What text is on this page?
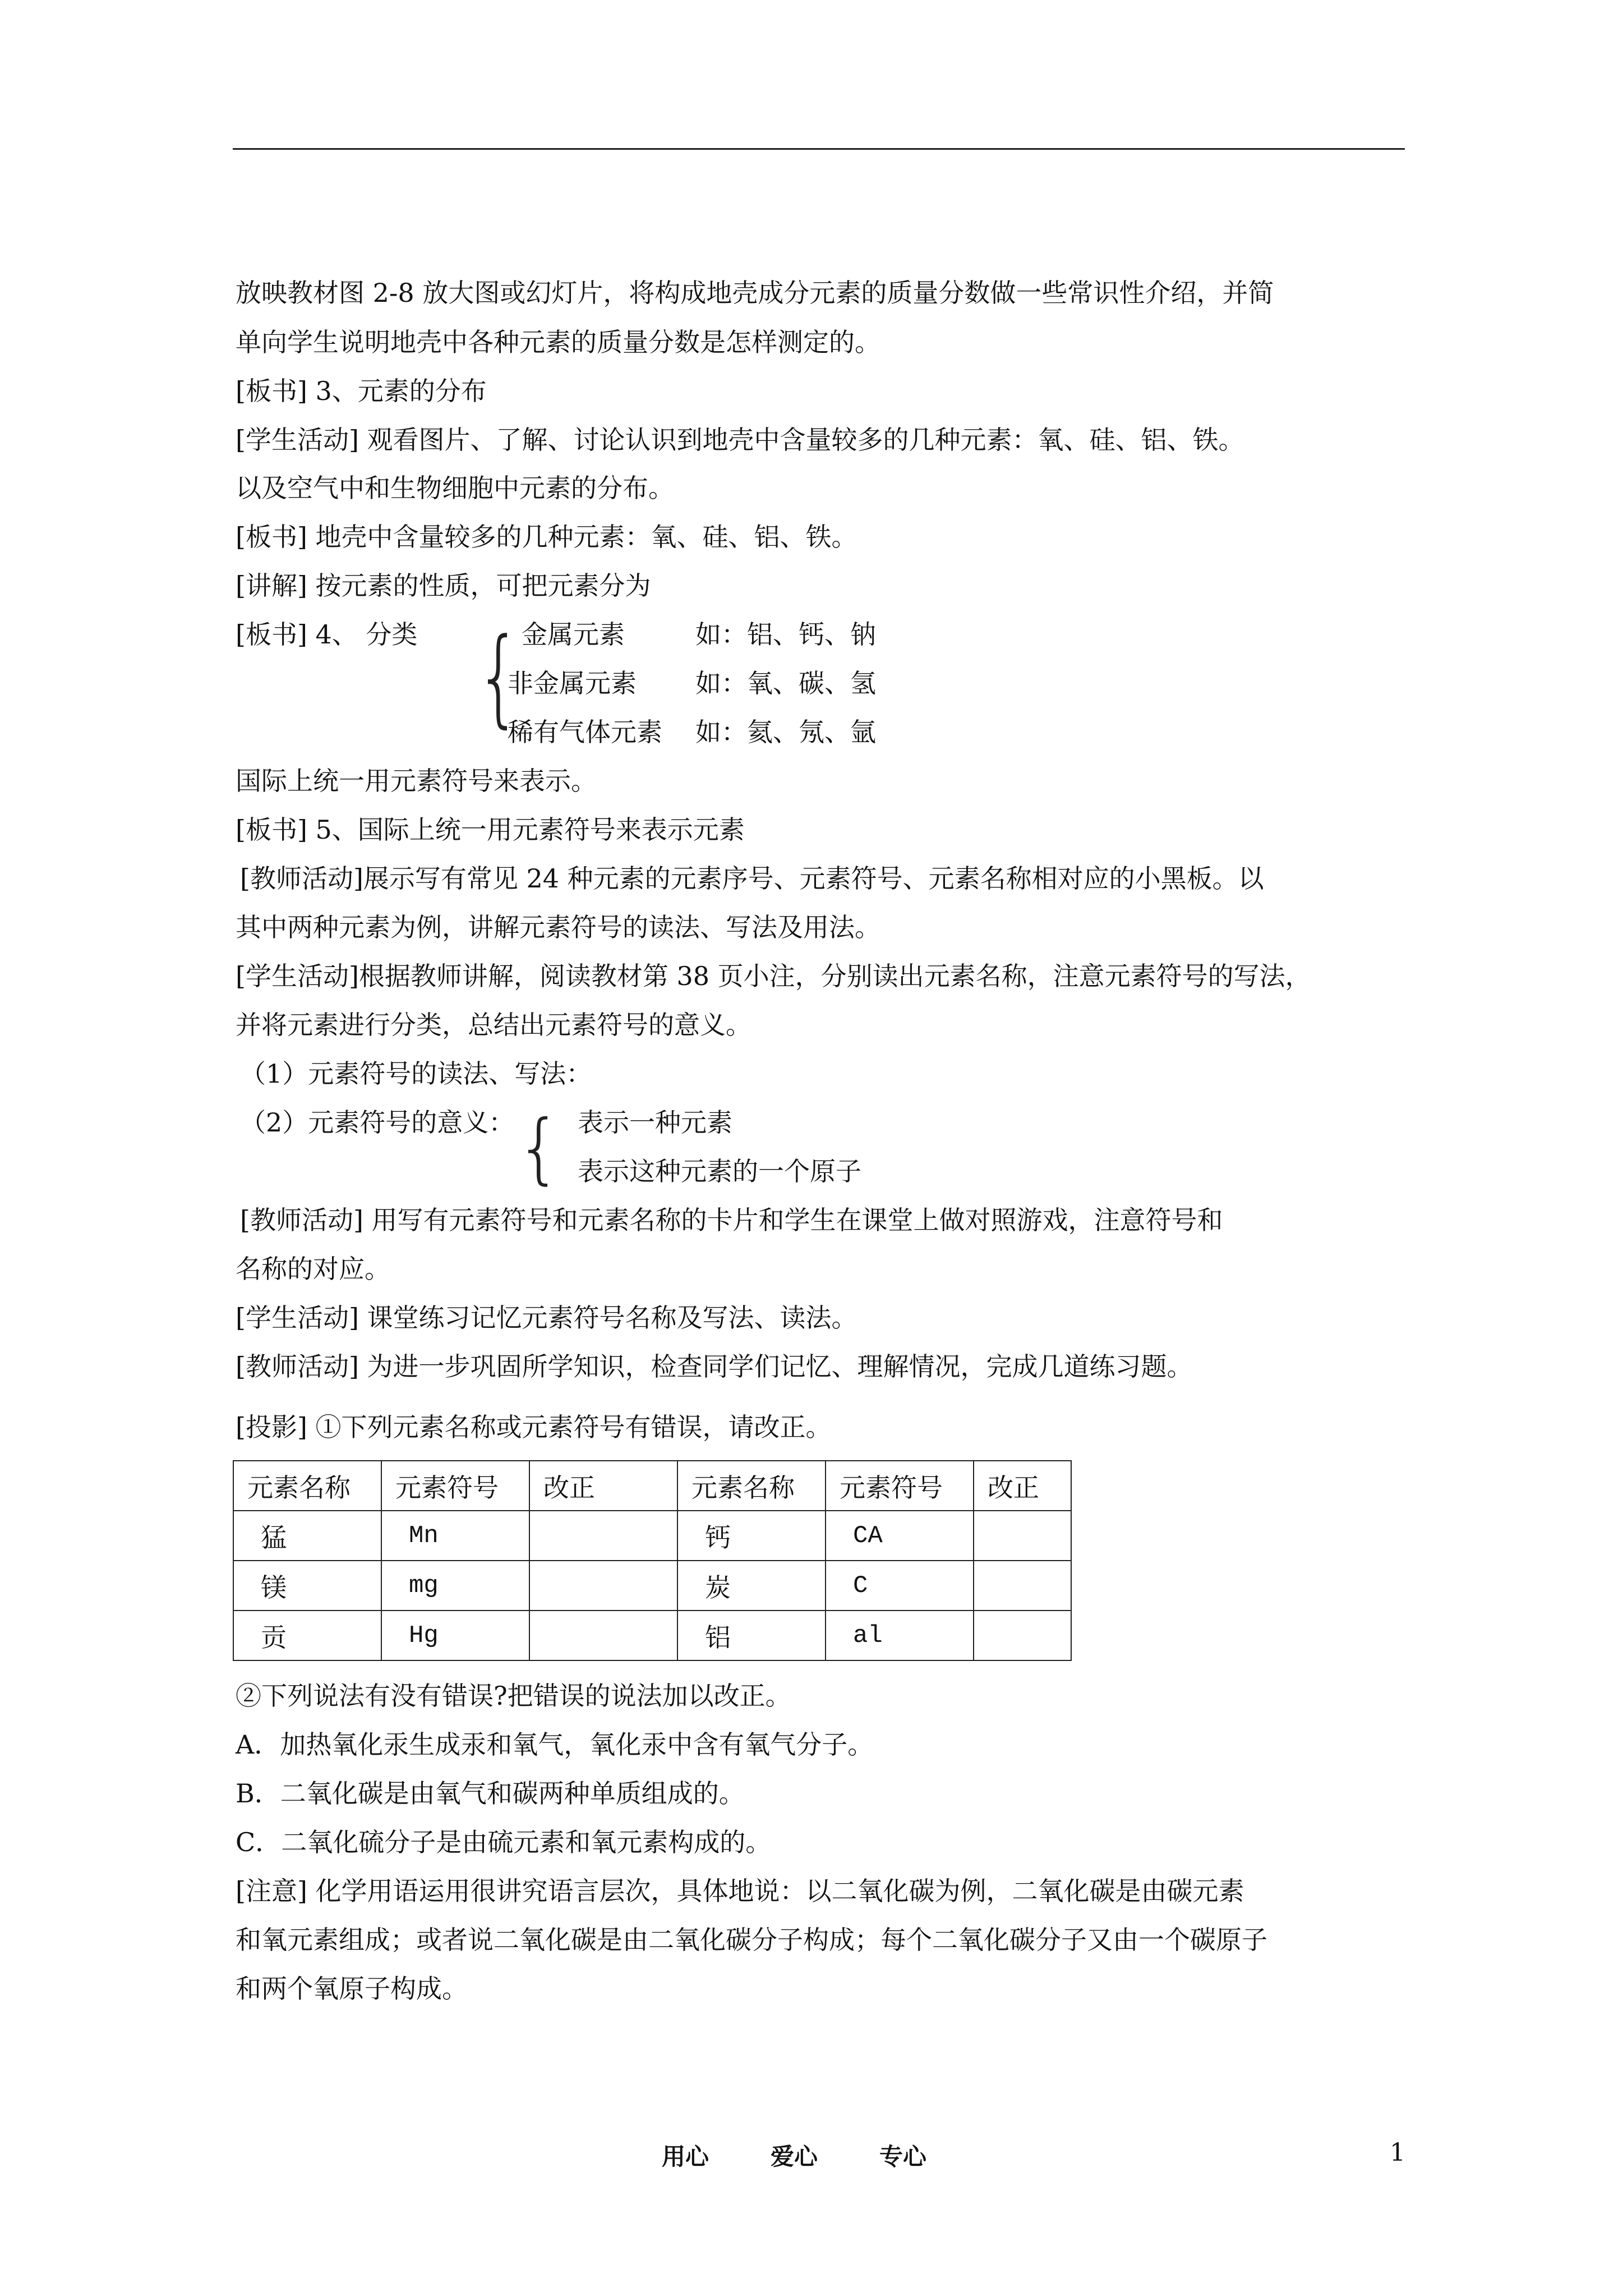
放映教材图 2-8 放大图或幻灯片，将构成地壳成分元素的质量分数做一些常识性介绍，并简
单向学生说明地壳中各种元素的质量分数是怎样测定的。
[板书] 3、元素的分布
[学生活动] 观看图片、了解、讨论认识到地壳中含量较多的几种元素：氧、硅、铝、铁。
以及空气中和生物细胞中元素的分布。
[板书] 地壳中含量较多的几种元素：氧、硅、铝、铁。
[讲解] 按元素的性质，可把元素分为
[板书] 4、 分类 { 金属元素	如：铝、钙、钠
非金属元素 如：氧、碳、氢
稀有气体元素 如：氦、氖、氩
国际上统一用元素符号来表示。
[板书] 5、国际上统一用元素符号来表示元素
[教师活动]展示写有常见 24 种元素的元素序号、元素符号、元素名称相对应的小黑板。以
其中两种元素为例，讲解元素符号的读法、写法及用法。
[学生活动]根据教师讲解，阅读教材第 38 页小注，分别读出元素名称，注意元素符号的写法，
并将元素进行分类，总结出元素符号的意义。
（1）元素符号的读法、写法：
（2）元素符号的意义： { 表示一种元素
表示这种元素的一个原子
[教师活动] 用写有元素符号和元素名称的卡片和学生在课堂上做对照游戏，注意符号和
名称的对应。
[学生活动] 课堂练习记忆元素符号名称及写法、读法。
[教师活动] 为进一步巩固所学知识，检查同学们记忆、理解情况，完成几道练习题。
[投影] ①下列元素名称或元素符号有错误，请改正。
元素名称	元素符号	改正	元素名称	元素符号	改正
猛	Mn		钙	CA	
镁	mg		炭	C	
贡	Hg		铝	al	
②下列说法有没有错误?把错误的说法加以改正。
A．加热氧化汞生成汞和氧气，氧化汞中含有氧气分子。
B．二氧化碳是由氧气和碳两种单质组成的。
C．二氧化硫分子是由硫元素和氧元素构成的。
[注意] 化学用语运用很讲究语言层次，具体地说：以二氧化碳为例，二氧化碳是由碳元素
和氧元素组成；或者说二氧化碳是由二氧化碳分子构成；每个二氧化碳分子又由一个碳原子
和两个氧原子构成。
用心	爱心	专心	1
